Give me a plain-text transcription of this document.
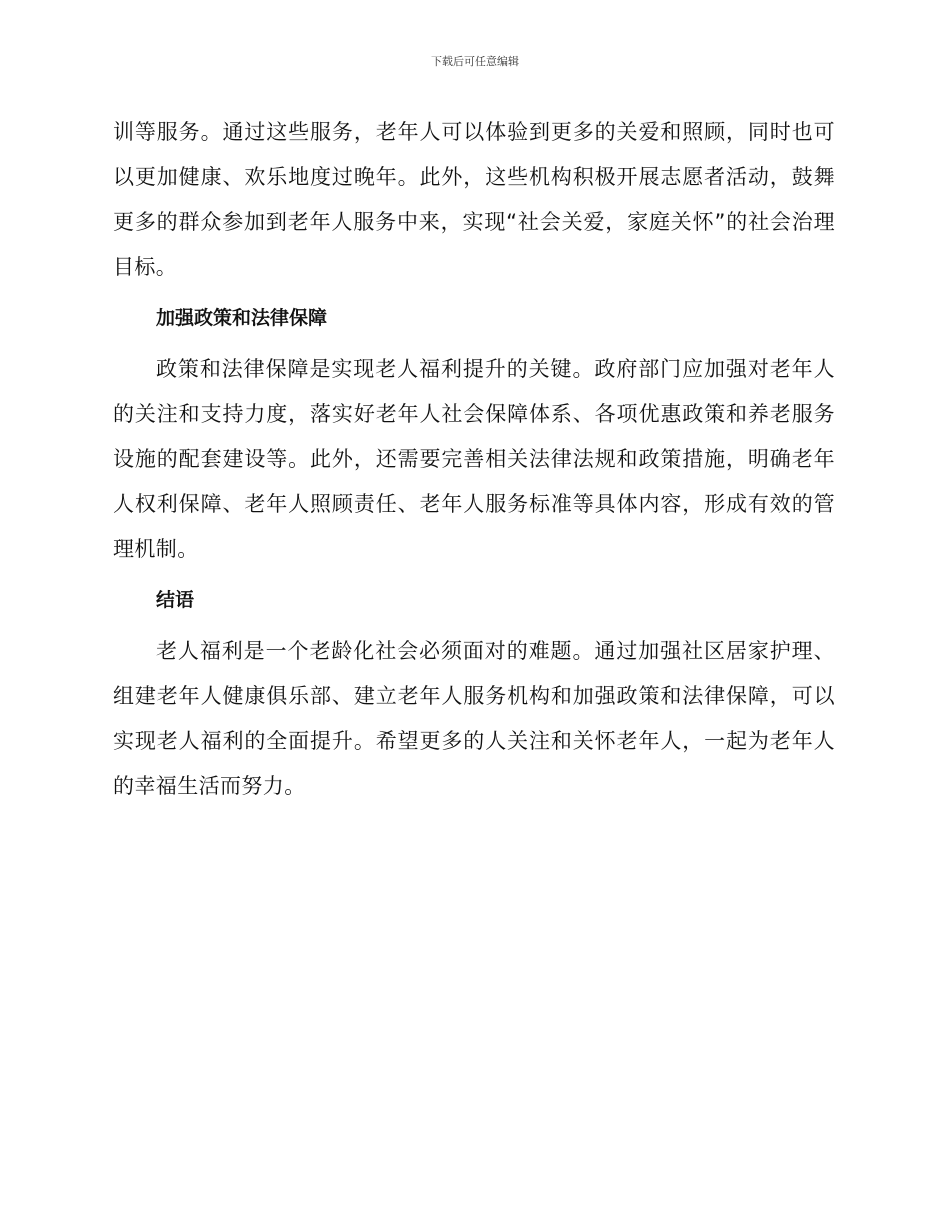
下载后可任意编辑

训等服务。通过这些服务，老年人可以体验到更多的关爱和照顾，同时也可以更加健康、欢乐地度过晚年。此外，这些机构积极开展志愿者活动，鼓舞更多的群众参加到老年人服务中来，实现“社会关爱，家庭关怀”的社会治理目标。

加强政策和法律保障

政策和法律保障是实现老人福利提升的关键。政府部门应加强对老年人的关注和支持力度，落实好老年人社会保障体系、各项优惠政策和养老服务设施的配套建设等。此外，还需要完善相关法律法规和政策措施，明确老年人权利保障、老年人照顾责任、老年人服务标准等具体内容，形成有效的管理机制。

结语

老人福利是一个老龄化社会必须面对的难题。通过加强社区居家护理、组建老年人健康俱乐部、建立老年人服务机构和加强政策和法律保障，可以实现老人福利的全面提升。希望更多的人关注和关怀老年人，一起为老年人的幸福生活而努力。
